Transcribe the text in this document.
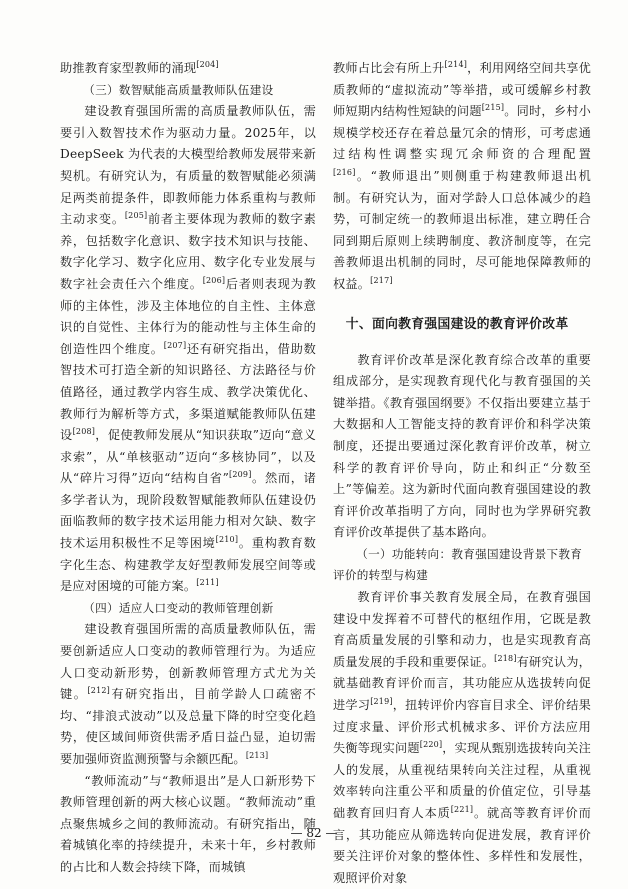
助推教育家型教师的涌现[204]

（三）数智赋能高质量教师队伍建设

建设教育强国所需的高质量教师队伍，需要引入数智技术作为驱动力量。2025年，以 DeepSeek 为代表的大模型给教师发展带来新契机。有研究认为，有质量的数智赋能必须满足两类前提条件，即教师能力体系重构与教师主动求变。[205]前者主要体现为教师的数字素养，包括数字化意识、数字技术知识与技能、数字化学习、数字化应用、数字化专业发展与数字社会责任六个维度。[206]后者则表现为教师的主体性，涉及主体地位的自主性、主体意识的自觉性、主体行为的能动性与主体生命的创造性四个维度。[207]还有研究指出，借助数智技术可打造全新的知识路径、方法路径与价值路径，通过教学内容生成、教学决策优化、教师行为解析等方式，多渠道赋能教师队伍建设[208]，促使教师发展从“知识获取”迈向“意义求索”，从“单核驱动”迈向“多核协同”，以及从“碎片习得”迈向“结构自省”[209]。然而，诸多学者认为，现阶段数智赋能教师队伍建设仍面临教师的数字技术运用能力相对欠缺、数字技术运用积极性不足等困境[210]。重构教育数字化生态、构建教学友好型教师发展空间等或是应对困境的可能方案。[211]

（四）适应人口变动的教师管理创新

建设教育强国所需的高质量教师队伍，需要创新适应人口变动的教师管理行为。为适应人口变动新形势，创新教师管理方式尤为关键。[212]有研究指出，目前学龄人口疏密不均、“排浪式波动”以及总量下降的时空变化趋势，使区域间师资供需矛盾日益凸显，迫切需要加强师资监测预警与余额匹配。[213]

“教师流动”与“教师退出”是人口新形势下教师管理创新的两大核心议题。“教师流动”重点聚焦城乡之间的教师流动。有研究指出，随着城镇化率的持续提升，未来十年，乡村教师的占比和人数会持续下降，而城镇

教师占比会有所上升[214]，利用网络空间共享优质教师的“虚拟流动”等举措，或可缓解乡村教师短期内结构性短缺的问题[215]。同时，乡村小规模学校还存在着总量冗余的情形，可考虑通过结构性调整实现冗余师资的合理配置[216]。“教师退出”则侧重于构建教师退出机制。有研究认为，面对学龄人口总体减少的趋势，可制定统一的教师退出标准，建立聘任合同到期后原则上续聘制度、教济制度等，在完善教师退出机制的同时，尽可能地保障教师的权益。[217]

十、面向教育强国建设的教育评价改革

教育评价改革是深化教育综合改革的重要组成部分，是实现教育现代化与教育强国的关键举措。《教育强国纲要》不仅指出要建立基于大数据和人工智能支持的教育评价和科学决策制度，还提出要通过深化教育评价改革，树立科学的教育评价导向，防止和纠正“分数至上”等偏差。这为新时代面向教育强国建设的教育评价改革指明了方向，同时也为学界研究教育评价改革提供了基本路向。

（一）功能转向：教育强国建设背景下教育评价的转型与构建

教育评价事关教育发展全局，在教育强国建设中发挥着不可替代的枢纽作用，它既是教育高质量发展的引擎和动力，也是实现教育高质量发展的手段和重要保证。[218]有研究认为，就基础教育评价而言，其功能应从选拔转向促进学习[219]，扭转评价内容盲目求全、评价结果过度求量、评价形式机械求多、评价方法应用失衡等现实问题[220]，实现从甄别选拔转向关注人的发展，从重视结果转向关注过程，从重视效率转向注重公平和质量的价值定位，引导基础教育回归育人本质[221]。就高等教育评价而言，其功能应从筛选转向促进发展，教育评价要关注评价对象的整体性、多样性和发展性，观照评价对象

— 82 —
